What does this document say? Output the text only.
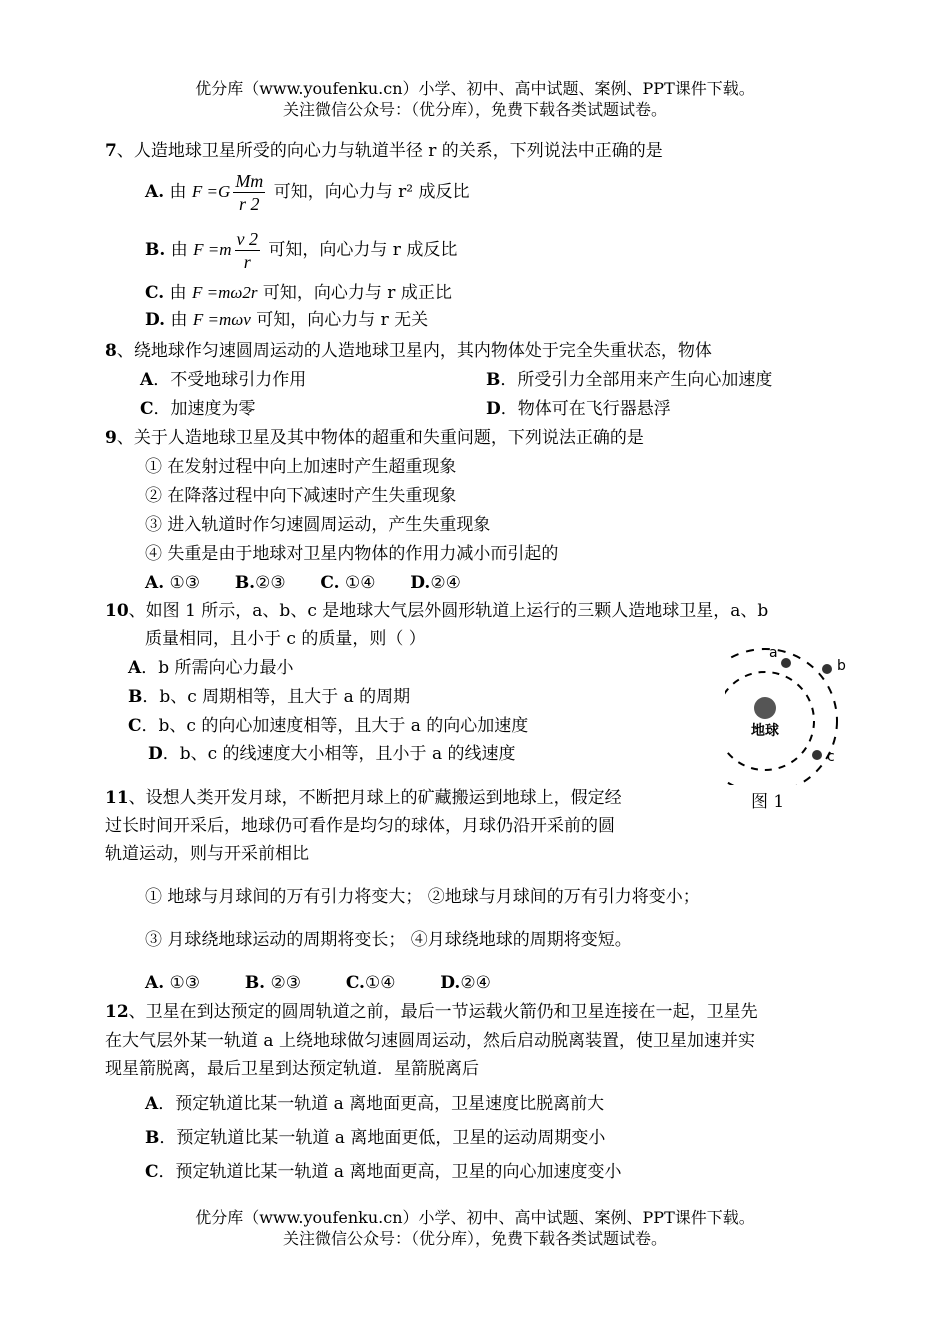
优分库（www.youfenku.cn）小学、初中、高中试题、案例、PPT课件下载。
关注微信公众号：（优分库），免费下载各类试题试卷。
7、人造地球卫星所受的向心力与轨道半径 r 的关系，下列说法中正确的是
A. 由 $F =G \frac{Mm}{r 2}$ 可知，向心力与 r² 成反比
B. 由 $F =m \frac{v 2}{r}$ 可知，向心力与 r 成反比
C. 由 F =mω2r 可知，向心力与 r 成正比
D. 由 F =mωv 可知，向心力与 r 无关
8、绕地球作匀速圆周运动的人造地球卫星内，其内物体处于完全失重状态，物体
A．不受地球引力作用	B．所受引力全部用来产生向心加速度
C．加速度为零	D．物体可在飞行器悬浮
9、关于人造地球卫星及其中物体的超重和失重问题，下列说法正确的是
① 在发射过程中向上加速时产生超重现象
② 在降落过程中向下减速时产生失重现象
③ 进入轨道时作匀速圆周运动，产生失重现象
④ 失重是由于地球对卫星内物体的作用力减小而引起的
A. ①③ B.②③ C. ①④ D.②④
10、如图 1 所示，a、b、c 是地球大气层外圆形轨道上运行的三颗人造地球卫星，a、b
质量相同，且小于 c 的质量，则（ ）
A．b 所需向心力最小
B．b、c 周期相等，且大于 a 的周期
C．b、c 的向心加速度相等，且大于 a 的向心加速度
D．b、c 的线速度大小相等，且小于 a 的线速度
地球
a
b
c
图 1
11、设想人类开发月球，不断把月球上的矿藏搬运到地球上，假定经
过长时间开采后，地球仍可看作是均匀的球体，月球仍沿开采前的圆
轨道运动，则与开采前相比
① 地球与月球间的万有引力将变大； ②地球与月球间的万有引力将变小；
③ 月球绕地球运动的周期将变长； ④月球绕地球的周期将变短。
A. ①③	B. ②③	C.①④	D.②④
12、卫星在到达预定的圆周轨道之前，最后一节运载火箭仍和卫星连接在一起，卫星先
在大气层外某一轨道 a 上绕地球做匀速圆周运动，然后启动脱离装置，使卫星加速并实
现星箭脱离，最后卫星到达预定轨道．星箭脱离后
A．预定轨道比某一轨道 a 离地面更高，卫星速度比脱离前大
B．预定轨道比某一轨道 a 离地面更低，卫星的运动周期变小
C．预定轨道比某一轨道 a 离地面更高，卫星的向心加速度变小
优分库（www.youfenku.cn）小学、初中、高中试题、案例、PPT课件下载。
关注微信公众号：（优分库），免费下载各类试题试卷。
